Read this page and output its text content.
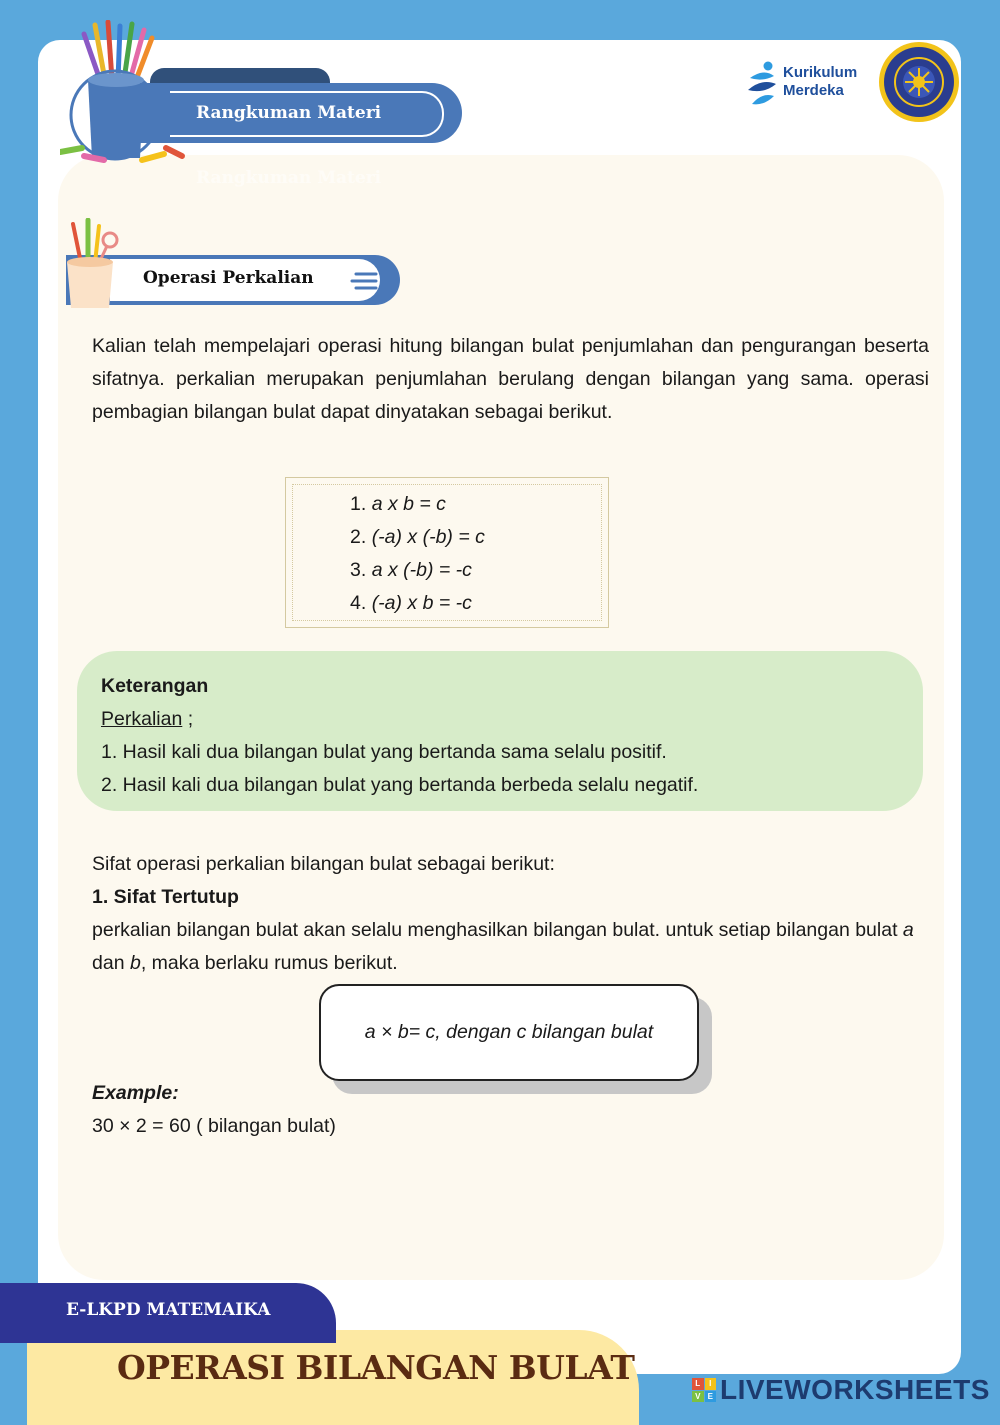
Rangkuman Materi
Rangkuman Materi
Kurikulum
Merdeka
Operasi Perkalian

Kalian telah mempelajari operasi hitung bilangan bulat penjumlahan dan pengurangan beserta sifatnya. perkalian merupakan penjumlahan berulang dengan bilangan yang sama. operasi pembagian bilangan bulat dapat dinyatakan sebagai berikut.

1. a x b = c
2. (-a) x (-b) = c
3. a x (-b) = -c
4. (-a) x b = -c
Keterangan
Perkalian ;
1. Hasil kali dua bilangan bulat yang bertanda sama selalu positif.
2. Hasil kali dua bilangan bulat yang bertanda berbeda selalu negatif.
Sifat operasi perkalian bilangan bulat sebagai berikut:
1. Sifat Tertutup
perkalian bilangan bulat akan selalu menghasilkan bilangan bulat. untuk setiap bilangan bulat a dan b, maka berlaku rumus berikut.
a × b= c, dengan c bilangan bulat
Example:
30 × 2 = 60 ( bilangan bulat)
E-LKPD MATEMAIKA
OPERASI BILANGAN BULAT	L	I
V E LIVEWORKSHEETS
